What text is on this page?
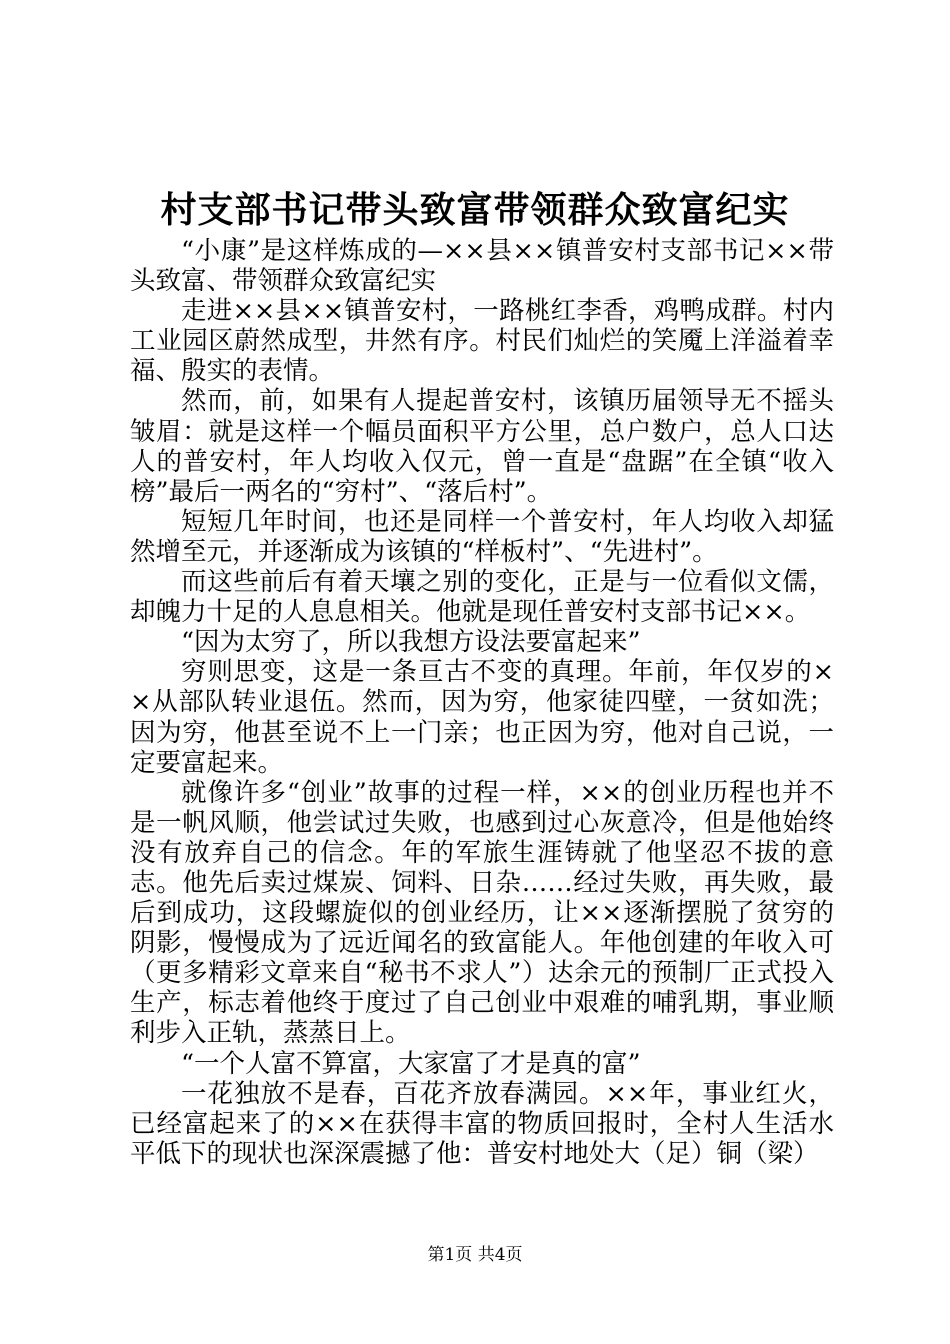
村支部书记带头致富带领群众致富纪实

“小康”是这样炼成的—××县××镇普安村支部书记××带头致富、带领群众致富纪实

走进××县××镇普安村，一路桃红李香，鸡鸭成群。村内工业园区蔚然成型，井然有序。村民们灿烂的笑魇上洋溢着幸福、殷实的表情。

然而，前，如果有人提起普安村，该镇历届领导无不摇头皱眉：就是这样一个幅员面积平方公里，总户数户，总人口达人的普安村，年人均收入仅元，曾一直是“盘踞”在全镇“收入榜”最后一两名的“穷村”、“落后村”。

短短几年时间，也还是同样一个普安村，年人均收入却猛然增至元，并逐渐成为该镇的“样板村”、“先进村”。

而这些前后有着天壤之别的变化，正是与一位看似文儒，却魄力十足的人息息相关。他就是现任普安村支部书记××。

“因为太穷了，所以我想方设法要富起来”

穷则思变，这是一条亘古不变的真理。年前，年仅岁的××从部队转业退伍。然而，因为穷，他家徒四壁，一贫如洗；因为穷，他甚至说不上一门亲；也正因为穷，他对自己说，一定要富起来。

就像许多“创业”故事的过程一样，××的创业历程也并不是一帆风顺，他尝试过失败，也感到过心灰意冷，但是他始终没有放弃自己的信念。年的军旅生涯铸就了他坚忍不拔的意志。他先后卖过煤炭、饲料、日杂……经过失败，再失败，最后到成功，这段螺旋似的创业经历，让××逐渐摆脱了贫穷的阴影，慢慢成为了远近闻名的致富能人。年他创建的年收入可（更多精彩文章来自“秘书不求人”）达余元的预制厂正式投入生产，标志着他终于度过了自己创业中艰难的哺乳期，事业顺利步入正轨，蒸蒸日上。

“一个人富不算富，大家富了才是真的富”

一花独放不是春，百花齐放春满园。××年，事业红火，已经富起来了的××在获得丰富的物质回报时，全村人生活水平低下的现状也深深震撼了他：普安村地处大（足）铜（梁）

第1页 共4页
